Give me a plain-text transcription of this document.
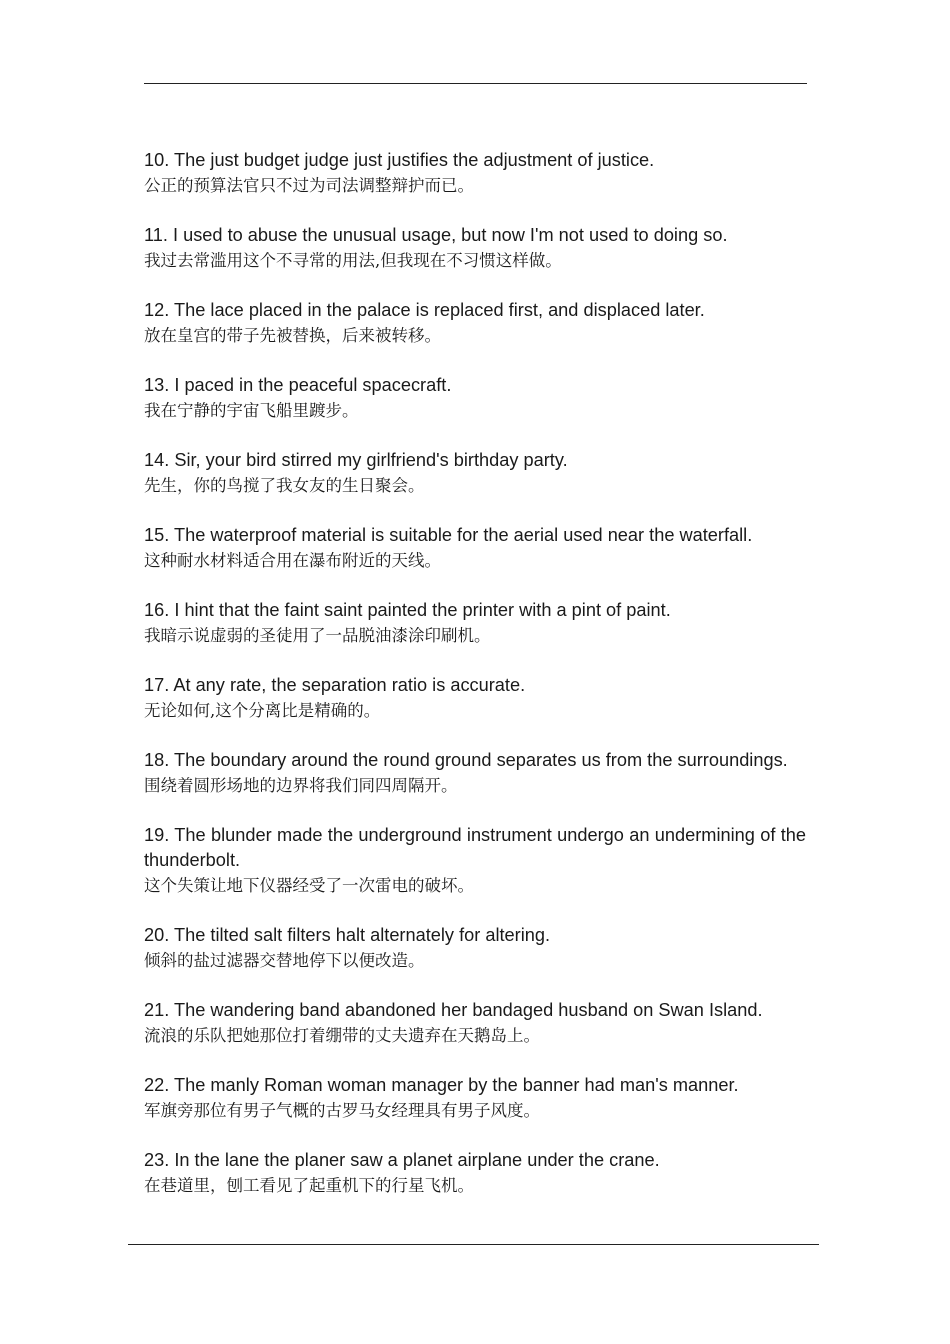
10. The just budget judge just justifies the adjustment of justice.

公正的预算法官只不过为司法调整辩护而已。

11. I used to abuse the unusual usage, but now I'm not used to doing so.

我过去常滥用这个不寻常的用法,但我现在不习惯这样做。

12. The lace placed in the palace is replaced first, and displaced later.

放在皇宫的带子先被替换，后来被转移。

13. I paced in the peaceful spacecraft.

我在宁静的宇宙飞船里踱步。

14. Sir, your bird stirred my girlfriend's birthday party.

先生，你的鸟搅了我女友的生日聚会。

15. The waterproof material is suitable for the aerial used near the waterfall.

这种耐水材料适合用在瀑布附近的天线。

16. I hint that the faint saint painted the printer with a pint of paint.

我暗示说虚弱的圣徒用了一品脱油漆涂印刷机。

17. At any rate, the separation ratio is accurate.

无论如何,这个分离比是精确的。

18. The boundary around the round ground separates us from the surroundings.

围绕着圆形场地的边界将我们同四周隔开。

19. The blunder made the underground instrument undergo an undermining of the thunderbolt.

这个失策让地下仪器经受了一次雷电的破坏。

20. The tilted salt filters halt alternately for altering.

倾斜的盐过滤器交替地停下以便改造。

21. The wandering band abandoned her bandaged husband on Swan Island.

流浪的乐队把她那位打着绷带的丈夫遗弃在天鹅岛上。

22. The manly Roman woman manager by the banner had man's manner.

军旗旁那位有男子气概的古罗马女经理具有男子风度。

23. In the lane the planer saw a planet airplane under the crane.

在巷道里，刨工看见了起重机下的行星飞机。
